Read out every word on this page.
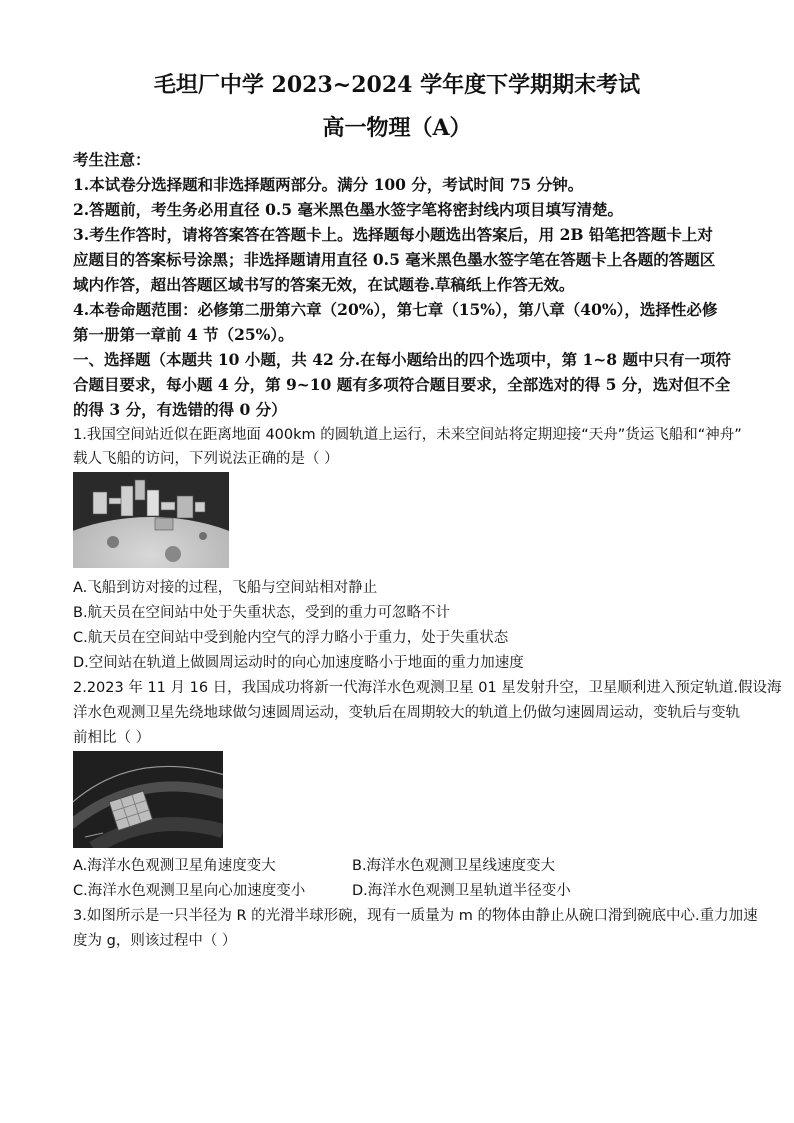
毛坦厂中学 2023~2024 学年度下学期期末考试
高一物理（A）
考生注意：
1.本试卷分选择题和非选择题两部分。满分 100 分，考试时间 75 分钟。
2.答题前，考生务必用直径 0.5 毫米黑色墨水签字笔将密封线内项目填写清楚。
3.考生作答时，请将答案答在答题卡上。选择题每小题选出答案后，用 2B 铅笔把答题卡上对
应题目的答案标号涂黑；非选择题请用直径 0.5 毫米黑色墨水签字笔在答题卡上各题的答题区
域内作答，超出答题区域书写的答案无效，在试题卷.草稿纸上作答无效。
4.本卷命题范围：必修第二册第六章（20%），第七章（15%），第八章（40%），选择性必修
第一册第一章前 4 节（25%）。
一、选择题（本题共 10 小题，共 42 分.在每小题给出的四个选项中，第 1~8 题中只有一项符
合题目要求，每小题 4 分，第 9~10 题有多项符合题目要求，全部选对的得 5 分，选对但不全
的得 3 分，有选错的得 0 分）
1.我国空间站近似在距离地面 400km 的圆轨道上运行，未来空间站将定期迎接“天舟”货运飞船和“神舟”
载人飞船的访问，下列说法正确的是（ ）
A.飞船到访对接的过程，飞船与空间站相对静止
B.航天员在空间站中处于失重状态，受到的重力可忽略不计
C.航天员在空间站中受到舱内空气的浮力略小于重力，处于失重状态
D.空间站在轨道上做圆周运动时的向心加速度略小于地面的重力加速度
2.2023 年 11 月 16 日，我国成功将新一代海洋水色观测卫星 01 星发射升空，卫星顺利进入预定轨道.假设海
洋水色观测卫星先绕地球做匀速圆周运动，变轨后在周期较大的轨道上仍做匀速圆周运动，变轨后与变轨
前相比（ ）
A.海洋水色观测卫星角速度变大	B.海洋水色观测卫星线速度变大
C.海洋水色观测卫星向心加速度变小	D.海洋水色观测卫星轨道半径变小
3.如图所示是一只半径为 R 的光滑半球形碗，现有一质量为 m 的物体由静止从碗口滑到碗底中心.重力加速
度为 g，则该过程中（ ）
